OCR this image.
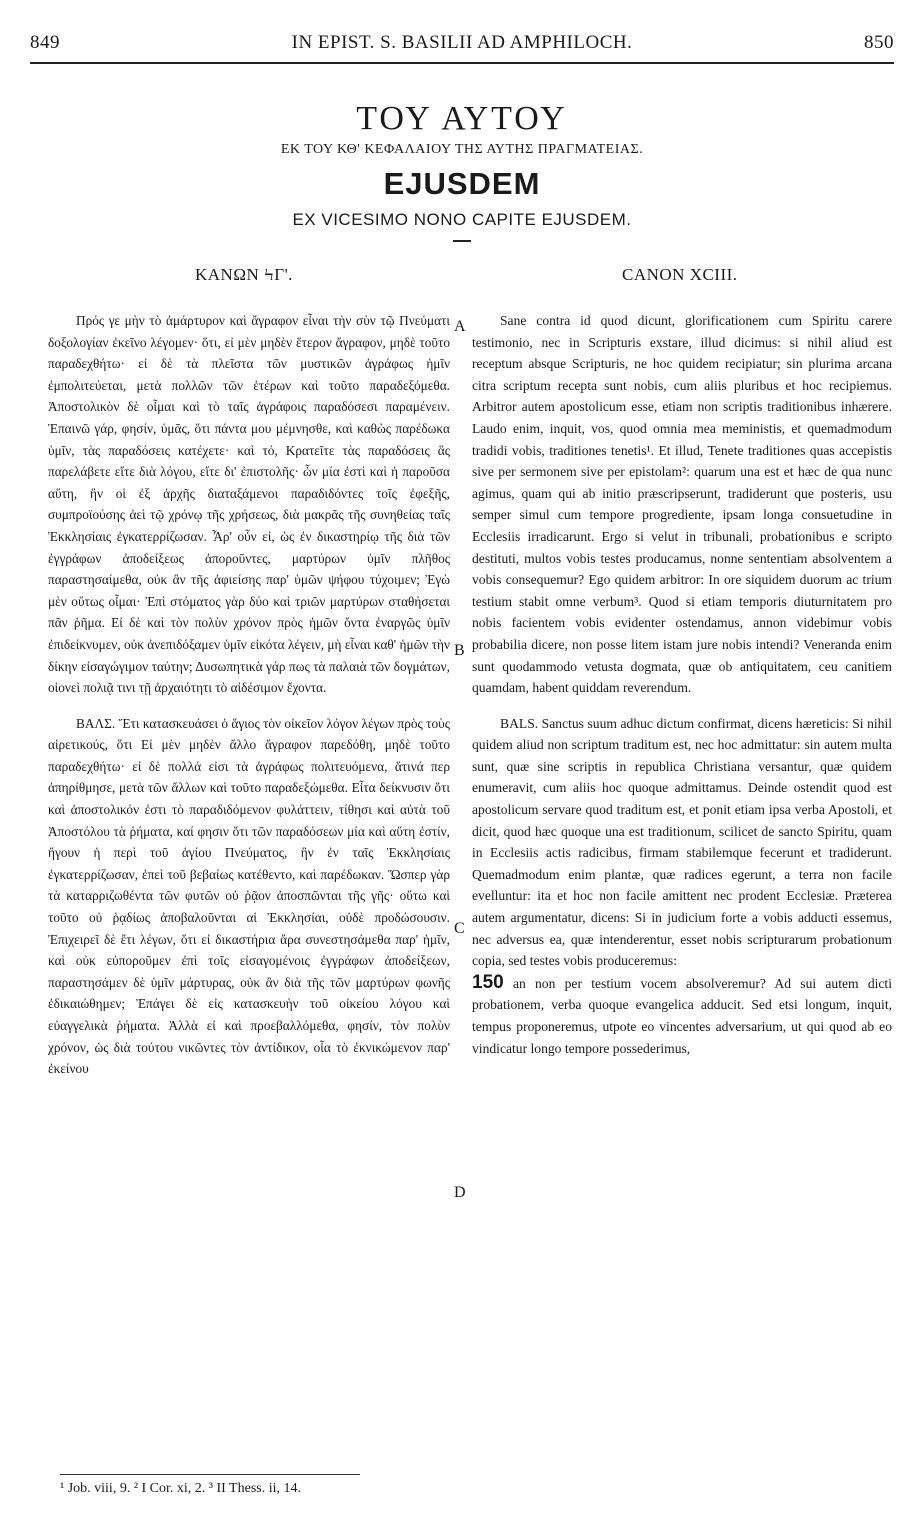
849	IN EPIST. S. BASILII AD AMPHILOCH.	850
ΤΟΥ ΑΥΤΟΥ
ΕΚ ΤΟΥ ΚΘ' ΚΕΦΑΛΑΙΟΥ ΤΗΣ ΑΥΤΗΣ ΠΡΑΓΜΑΤΕΙΑΣ.
EJUSDEM
EX VICESIMO NONO CAPITE EJUSDEM.
ΚΑΝΩΝ ϞΓ'.	CANON XCIII.

Πρός γε μὴν τὸ ἀμάρτυρον καὶ ἄγραφον εἶναι τὴν σὺν τῷ Πνεύματι δοξολογίαν ἐκεῖνο λέγομεν· ὅτι, εἰ μὲν μηδὲν ἕτερον ἄγραφον, μηδὲ τοῦτο παραδεχθήτω· εἰ δὲ τὰ πλεῖστα τῶν μυστικῶν ἀγράφως ἡμῖν ἐμπολιτεύεται, μετὰ πολλῶν τῶν ἑτέρων καὶ τοῦτο παραδεξόμεθα. Ἀποστολικὸν δὲ οἶμαι καὶ τὸ ταῖς ἀγράφοις παραδόσεσι παραμένειν. Ἐπαινῶ γάρ, φησίν, ὑμᾶς, ὅτι πάντα μου μέμνησθε, καὶ καθὼς παρέδωκα ὑμῖν, τὰς παραδόσεις κατέχετε· καὶ τό, Κρατεῖτε τὰς παραδόσεις ἃς παρελάβετε εἴτε διὰ λόγου, εἴτε δι' ἐπιστολῆς· ὧν μία ἐστὶ καὶ ἡ παροῦσα αὕτη, ἣν οἱ ἐξ ἀρχῆς διαταξάμενοι παραδιδόντες τοῖς ἐφεξῆς, συμπροϊούσης ἀεὶ τῷ χρόνῳ τῆς χρήσεως, διὰ μακρᾶς τῆς συνηθείας ταῖς Ἐκκλησίαις ἐγκατερρίζωσαν. Ἆρ' οὖν εἰ, ὡς ἐν δικαστηρίῳ τῆς διὰ τῶν ἐγγράφων ἀποδείξεως ἀποροῦντες, μαρτύρων ὑμῖν πλῆθος παραστησαίμεθα, οὐκ ἂν τῆς ἀφιείσης παρ' ὑμῶν ψήφου τύχοιμεν; Ἐγὼ μὲν οὕτως οἶμαι· Ἐπὶ στόματος γὰρ δύο καὶ τριῶν μαρτύρων σταθήσεται πᾶν ῥῆμα. Εἰ δὲ καὶ τὸν πολὺν χρόνον πρὸς ἡμῶν ὄντα ἐναργῶς ὑμῖν ἐπιδείκνυμεν, οὐκ ἀνεπιδόξαμεν ὑμῖν εἰκότα λέγειν, μὴ εἶναι καθ' ἡμῶν τὴν δίκην εἰσαγώγιμον ταύτην; Δυσωπητικὰ γάρ πως τὰ παλαιὰ τῶν δογμάτων, οἱονεὶ πολιᾷ τινι τῇ ἀρχαιότητι τὸ αἰδέσιμον ἔχοντα.

ΒΑΛΣ. Ἔτι κατασκευάσει ὁ ἅγιος τὸν οἰκεῖον λόγον λέγων πρὸς τοὺς αἱρετικούς, ὅτι Εἰ μὲν μηδὲν ἄλλο ἄγραφον παρεδόθη, μηδὲ τοῦτο παραδεχθήτω· εἰ δὲ πολλά εἰσι τὰ ἀγράφως πολιτευόμενα, ἅτινά περ ἀπηρίθμησε, μετὰ τῶν ἄλλων καὶ τοῦτο παραδεξώμεθα. Εἶτα δείκνυσιν ὅτι καὶ ἀποστολικόν ἐστι τὸ παραδιδόμενον φυλάττειν, τίθησι καὶ αὐτὰ τοῦ Ἀποστόλου τὰ ῥήματα, καί φησιν ὅτι τῶν παραδόσεων μία καὶ αὕτη ἐστίν, ἤγουν ἡ περὶ τοῦ ἁγίου Πνεύματος, ἣν ἐν ταῖς Ἐκκλησίαις ἐγκατερρίζωσαν, ἐπεὶ τοῦ βεβαίως κατέθεντο, καὶ παρέδωκαν. Ὥσπερ γὰρ τὰ καταρριζωθέντα τῶν φυτῶν οὐ ῥᾷον ἀποσπῶνται τῆς γῆς· οὕτω καὶ τοῦτο οὐ ῥᾳδίως ἀποβαλοῦνται αἱ Ἐκκλησίαι, οὐδὲ προδώσουσιν. Ἐπιχειρεῖ δὲ ἔτι λέγων, ὅτι εἰ δικαστήρια ἄρα συνεστησάμεθα παρ' ἡμῖν, καὶ οὐκ εὐποροῦμεν ἐπὶ τοῖς εἰσαγομένοις ἐγγράφων ἀποδείξεων, παραστησάμεν δὲ ὑμῖν μάρτυρας, οὐκ ἂν διὰ τῆς τῶν μαρτύρων φωνῆς ἐδικαιώθημεν; Ἐπάγει δὲ εἰς κατασκευὴν τοῦ οἰκείου λόγου καὶ εὐαγγελικὰ ῥήματα. Ἀλλὰ εἰ καὶ προεβαλλόμεθα, φησίν, τὸν πολὺν χρόνον, ὡς διὰ τούτου νικῶντες τὸν ἀντίδικον, οἷα τὸ ἐκνικώμενον παρ' ἐκείνου

Sane contra id quod dicunt, glorificationem cum Spiritu carere testimonio, nec in Scripturis exstare, illud dicimus: si nihil aliud est receptum absque Scripturis, ne hoc quidem recipiatur; sin plurima arcana citra scriptum recepta sunt nobis, cum aliis pluribus et hoc recipiemus. Arbitror autem apostolicum esse, etiam non scriptis traditionibus inhærere. Laudo enim, inquit, vos, quod omnia mea meministis, et quemadmodum tradidi vobis, traditiones tenetis¹. Et illud, Tenete traditiones quas accepistis sive per sermonem sive per epistolam²: quarum una est et hæc de qua nunc agimus, quam qui ab initio præscripserunt, tradiderunt que posteris, usu semper simul cum tempore progrediente, ipsam longa consuetudine in Ecclesiis irradicarunt. Ergo si velut in tribunali, probationibus e scripto destituti, multos vobis testes producamus, nonne sententiam absolventem a vobis consequemur? Ego quidem arbitror: In ore siquidem duorum ac trium testium stabit omne verbum³. Quod si etiam temporis diuturnitatem pro nobis facientem vobis evidenter ostendamus, annon videbimur vobis probabilia dicere, non posse litem istam jure nobis intendi? Veneranda enim sunt quodammodo vetusta dogmata, quæ ob antiquitatem, ceu canitiem quamdam, habent quiddam reverendum.

BALS. Sanctus suum adhuc dictum confirmat, dicens hæreticis: Si nihil quidem aliud non scriptum traditum est, nec hoc admittatur: sin autem multa sunt, quæ sine scriptis in republica Christiana versantur, quæ quidem enumeravit, cum aliis hoc quoque admittamus. Deinde ostendit quod est apostolicum servare quod traditum est, et ponit etiam ipsa verba Apostoli, et dicit, quod hæc quoque una est traditionum, scilicet de sancto Spiritu, quam in Ecclesiis actis radicibus, firmam stabilemque fecerunt et tradiderunt. Quemadmodum enim plantæ, quæ radices egerunt, a terra non facile evelluntur: ita et hoc non facile amittent nec prodent Ecclesiæ. Præterea autem argumentatur, dicens: Si in judicium forte a vobis adducti essemus, nec adversus ea, quæ intenderentur, esset nobis scripturarum probationum copia, sed testes vobis produceremus:

150 an non per testium vocem absolveremur? Ad sui autem dicti probationem, verba quoque evangelica adducit. Sed etsi longum, inquit, tempus proponeremus, utpote eo vincentes adversarium, ut qui quod ab eo vindicatur longo tempore possederimus,

A
B
C
D
¹ Job. viii, 9. ² I Cor. xi, 2. ³ II Thess. ii, 14.
